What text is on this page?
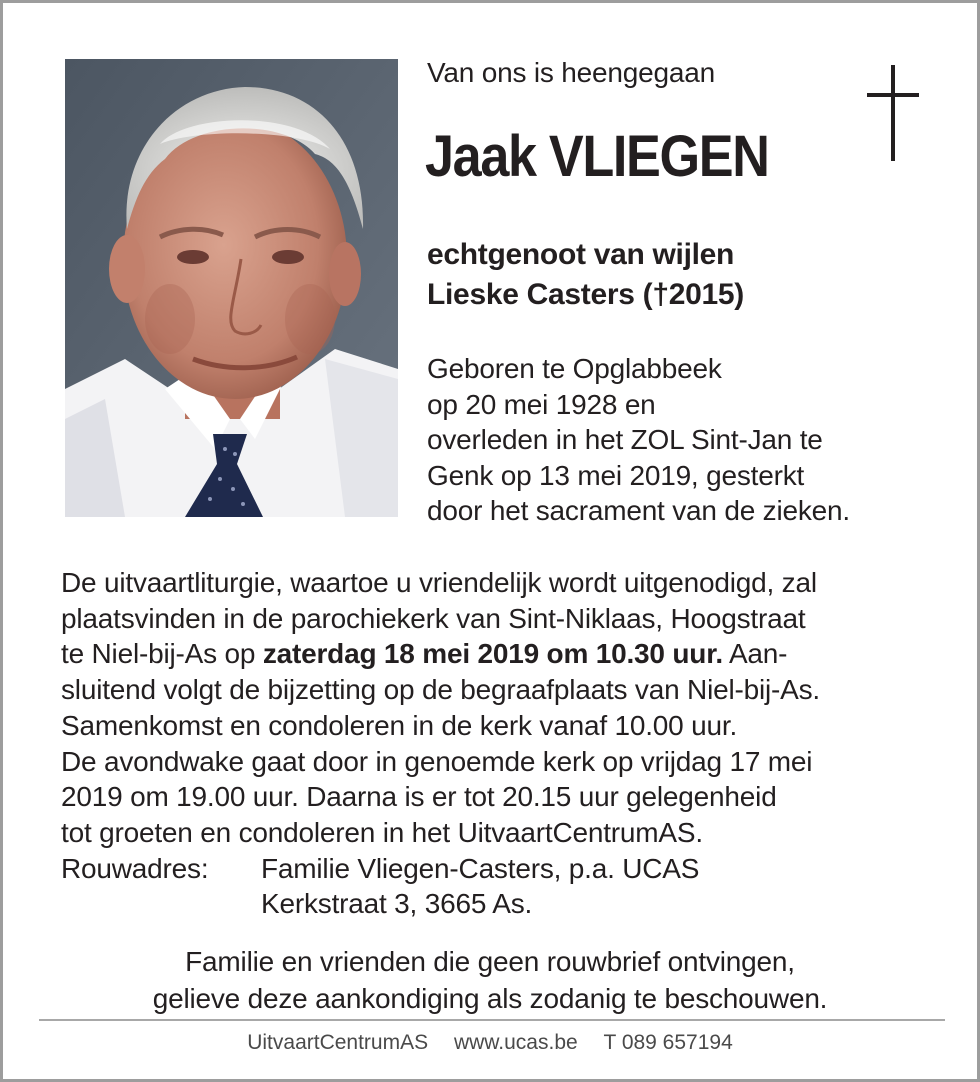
Van ons is heengegaan
Jaak VLIEGEN
echtgenoot van wijlen
Lieske Casters (†2015)
Geboren te Opglabbeek
op 20 mei 1928 en
overleden in het ZOL Sint-Jan te
Genk op 13 mei 2019, gesterkt
door het sacrament van de zieken.
De uitvaartliturgie, waartoe u vriendelijk wordt uitgenodigd, zal
plaatsvinden in de parochiekerk van Sint-Niklaas, Hoogstraat
te Niel-bij-As op zaterdag 18 mei 2019 om 10.30 uur. Aan-
sluitend volgt de bijzetting op de begraafplaats van Niel-bij-As.
Samenkomst en condoleren in de kerk vanaf 10.00 uur.
De avondwake gaat door in genoemde kerk op vrijdag 17 mei
2019 om 19.00 uur. Daarna is er tot 20.15 uur gelegenheid
tot groeten en condoleren in het UitvaartCentrumAS.
Rouwadres: Familie Vliegen-Casters, p.a. UCAS
Kerkstraat 3, 3665 As.
Familie en vrienden die geen rouwbrief ontvingen,
gelieve deze aankondiging als zodanig te beschouwen.
UitvaartCentrumAS www.ucas.be T 089 657194
